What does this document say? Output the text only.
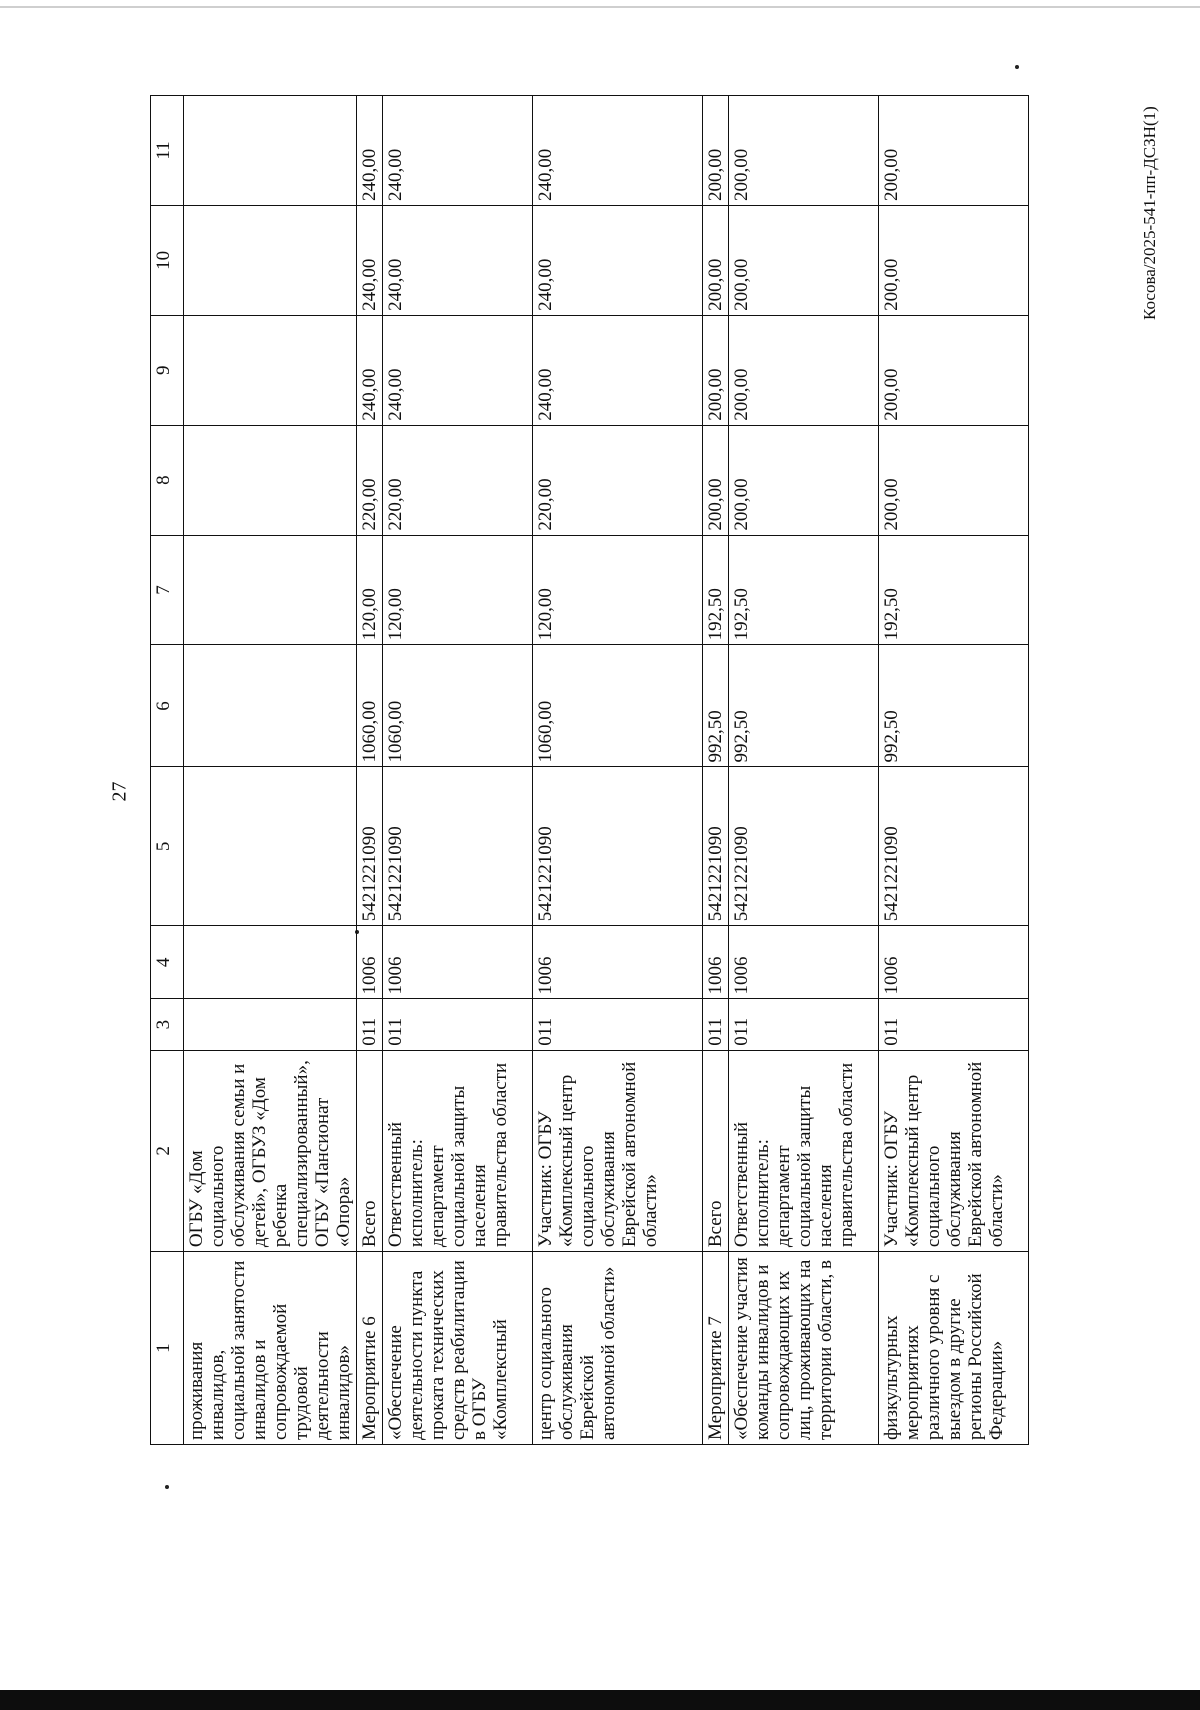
27
Косова/2025-541-пп-ДСЗН(1)
1	2	3	4	5	6	7	8	9	10	11
проживания инвалидов, социальной занятости инвалидов и сопровождаемой трудовой деятельности инвалидов»	ОГБУ «Дом социального обслуживания семьи и детей», ОГБУЗ «Дом ребенка специализированный», ОГБУ «Пансионат «Опора»									
Мероприятие 6	Всего	011	1006	5421221090	1060,00	120,00	220,00	240,00	240,00	240,00
«Обеспечение деятельности пункта проката технических средств реабилитации в ОГБУ «Комплексный	Ответственный исполнитель: департамент социальной защиты населения правительства области	011	1006	5421221090	1060,00	120,00	220,00	240,00	240,00	240,00
центр социального обслуживания Еврейской автономной области»	Участник: ОГБУ «Комплексный центр социального обслуживания Еврейской автономной области»	011	1006	5421221090	1060,00	120,00	220,00	240,00	240,00	240,00
Мероприятие 7	Всего	011	1006	5421221090	992,50	192,50	200,00	200,00	200,00	200,00
«Обеспечение участия команды инвалидов и сопровождающих их лиц, проживающих на территории области, в	Ответственный исполнитель: департамент социальной защиты населения правительства области	011	1006	5421221090	992,50	192,50	200,00	200,00	200,00	200,00
физкультурных мероприятиях различного уровня с выездом в другие регионы Российской Федерации»	Участник: ОГБУ «Комплексный центр социального обслуживания Еврейской автономной области»	011	1006	5421221090	992,50	192,50	200,00	200,00	200,00	200,00
